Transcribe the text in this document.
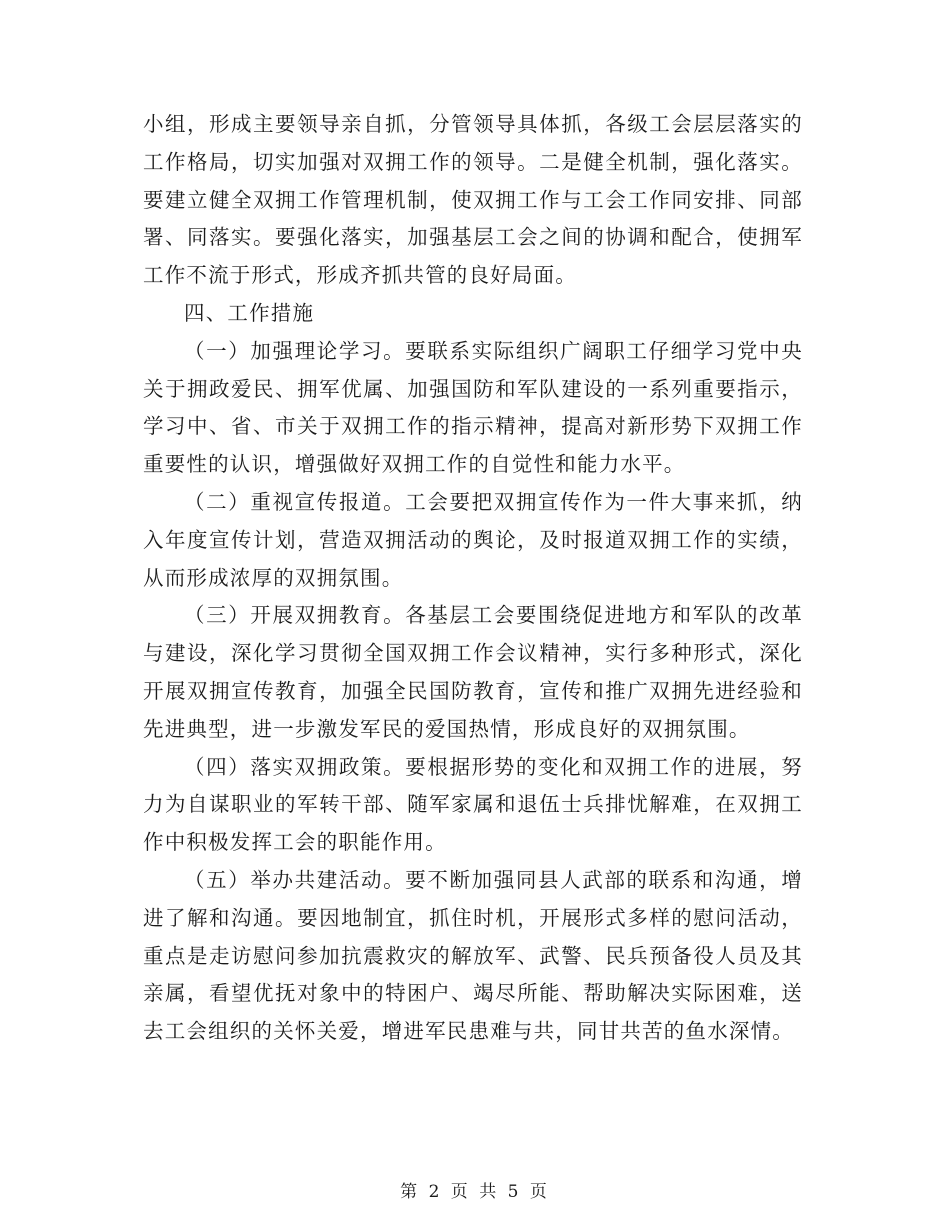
小组，形成主要领导亲自抓，分管领导具体抓，各级工会层层落实的工作格局，切实加强对双拥工作的领导。二是健全机制，强化落实。要建立健全双拥工作管理机制，使双拥工作与工会工作同安排、同部署、同落实。要强化落实，加强基层工会之间的协调和配合，使拥军工作不流于形式，形成齐抓共管的良好局面。

四、工作措施

（一）加强理论学习。要联系实际组织广阔职工仔细学习党中央关于拥政爱民、拥军优属、加强国防和军队建设的一系列重要指示，学习中、省、市关于双拥工作的指示精神，提高对新形势下双拥工作重要性的认识，增强做好双拥工作的自觉性和能力水平。

（二）重视宣传报道。工会要把双拥宣传作为一件大事来抓，纳入年度宣传计划，营造双拥活动的舆论，及时报道双拥工作的实绩，从而形成浓厚的双拥氛围。

（三）开展双拥教育。各基层工会要围绕促进地方和军队的改革与建设，深化学习贯彻全国双拥工作会议精神，实行多种形式，深化开展双拥宣传教育，加强全民国防教育，宣传和推广双拥先进经验和先进典型，进一步激发军民的爱国热情，形成良好的双拥氛围。

（四）落实双拥政策。要根据形势的变化和双拥工作的进展，努力为自谋职业的军转干部、随军家属和退伍士兵排忧解难，在双拥工作中积极发挥工会的职能作用。

（五）举办共建活动。要不断加强同县人武部的联系和沟通，增进了解和沟通。要因地制宜，抓住时机，开展形式多样的慰问活动，重点是走访慰问参加抗震救灾的解放军、武警、民兵预备役人员及其亲属，看望优抚对象中的特困户、竭尽所能、帮助解决实际困难，送去工会组织的关怀关爱，增进军民患难与共，同甘共苦的鱼水深情。

第 2 页 共 5 页
